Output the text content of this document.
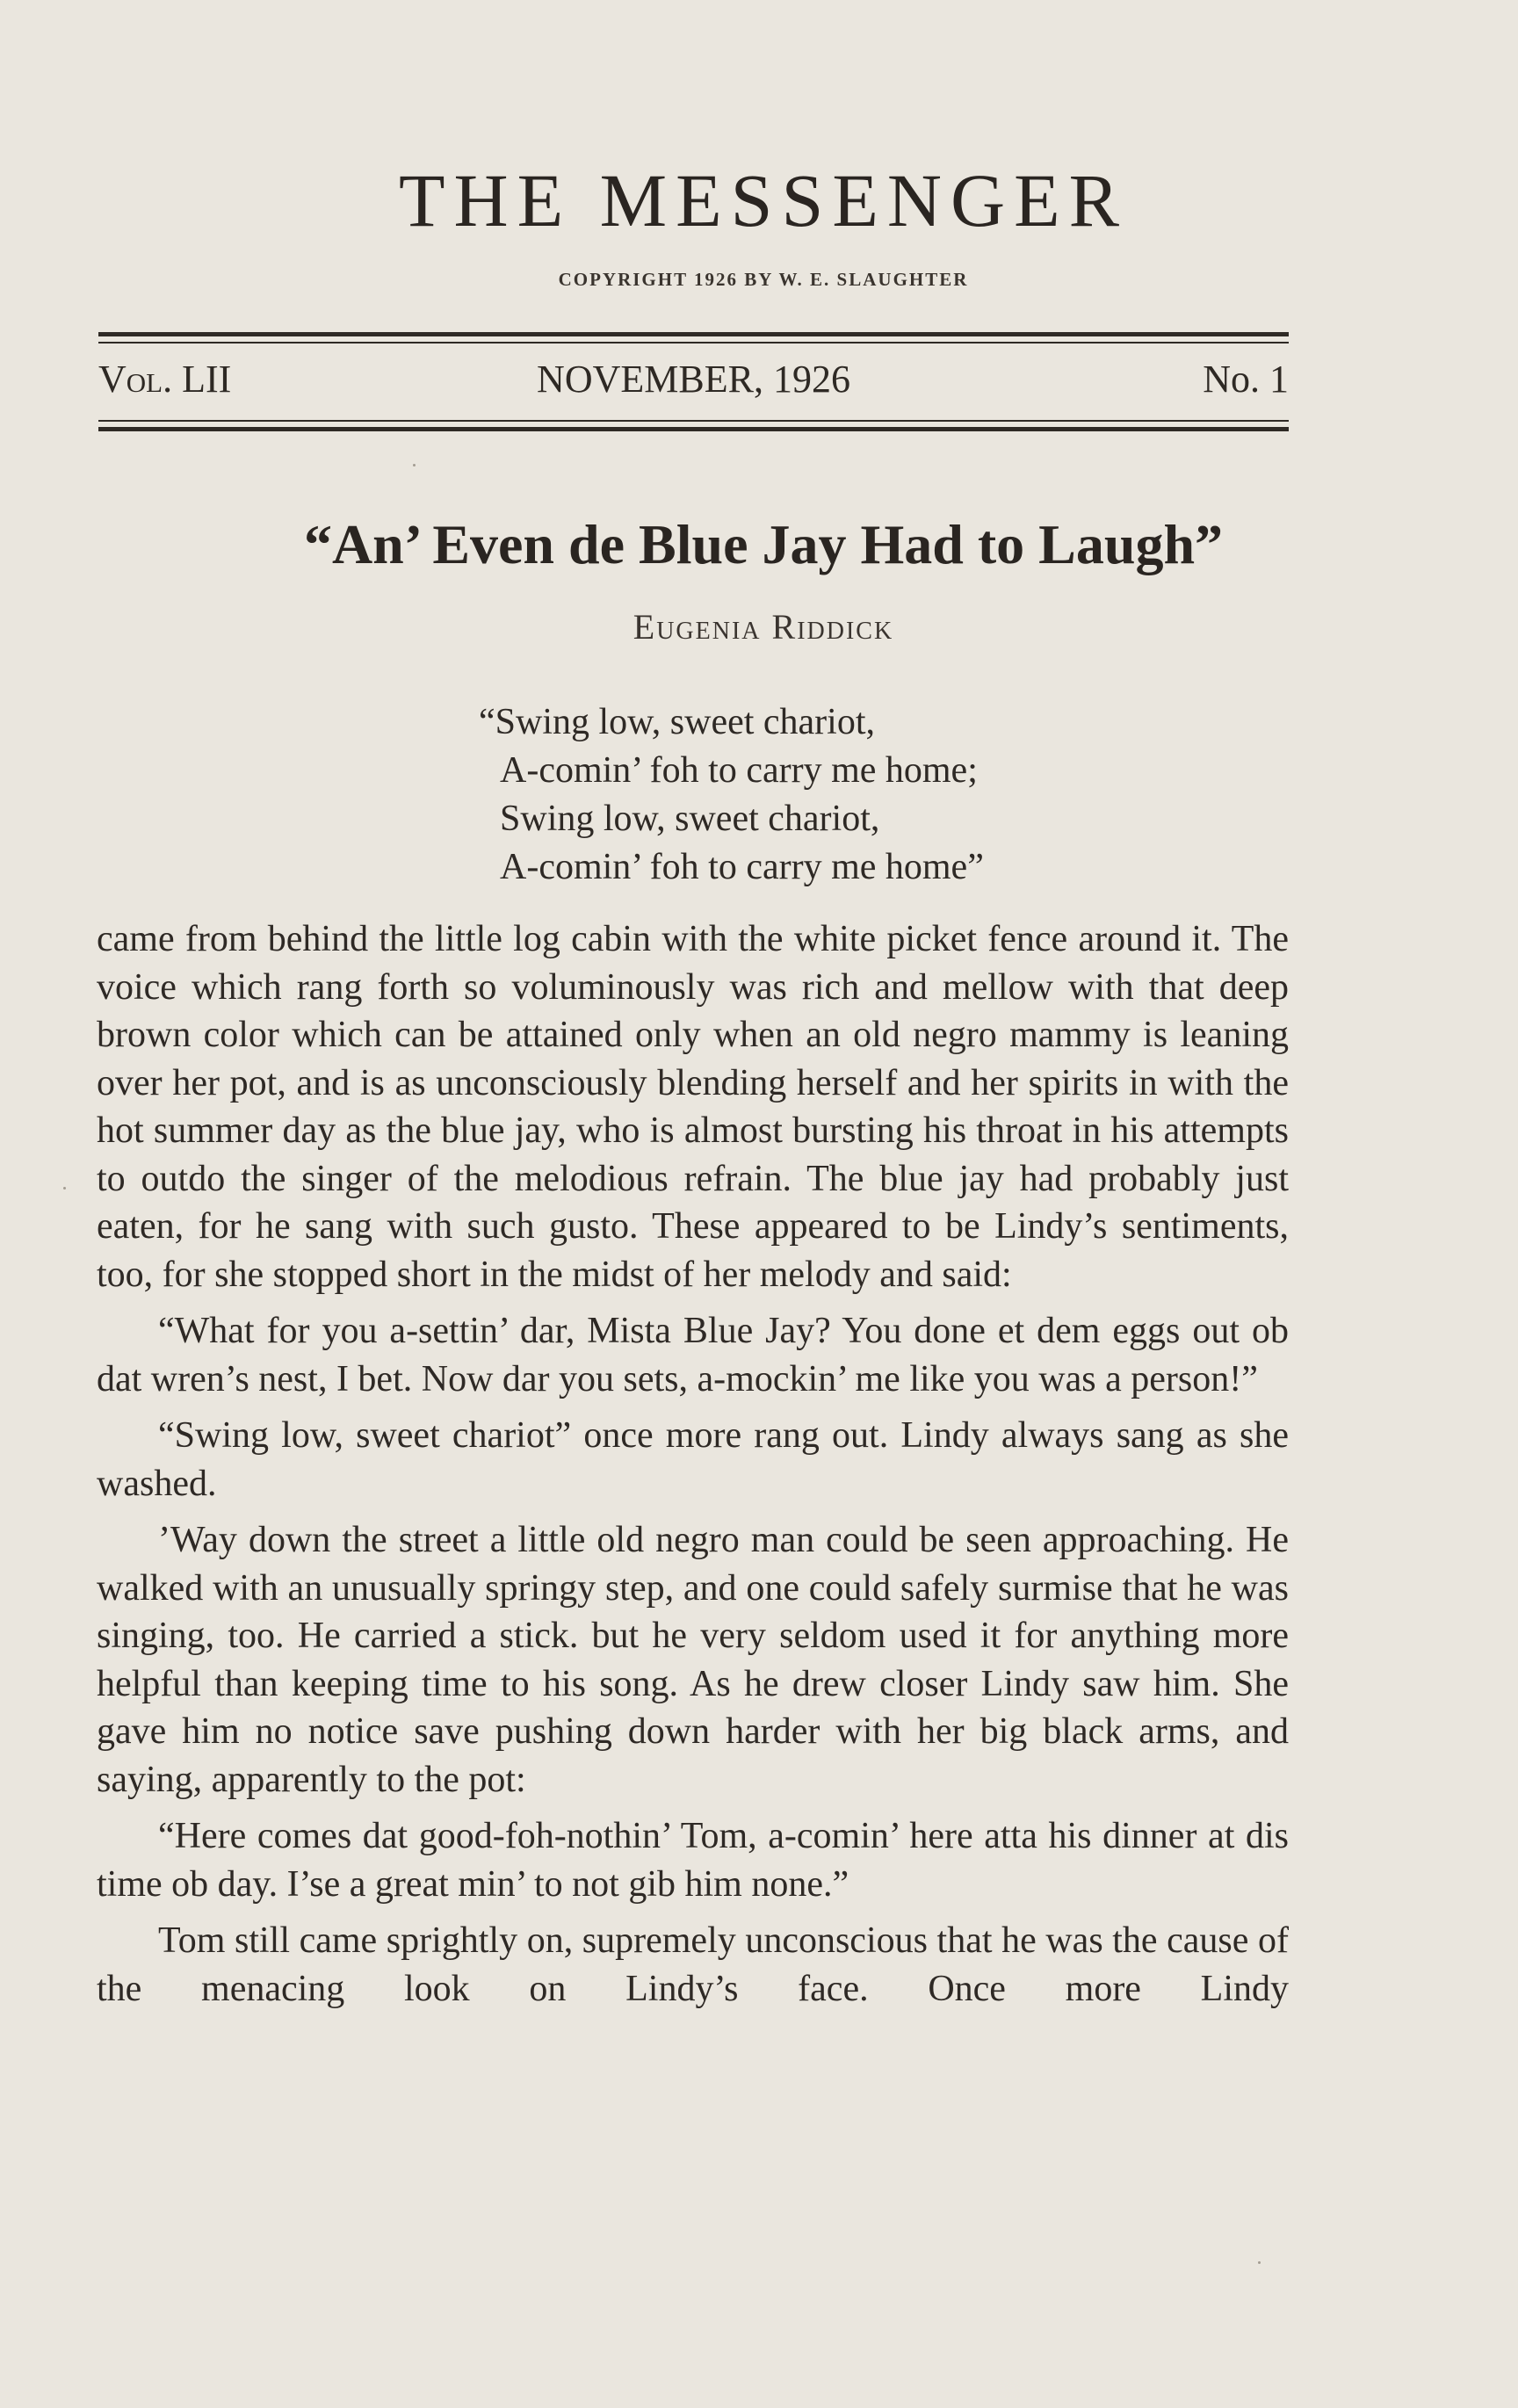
THE MESSENGER
COPYRIGHT 1926 BY W. E. SLAUGHTER
Vol. LII	NOVEMBER, 1926	No. 1
“An’ Even de Blue Jay Had to Laugh”
Eugenia Riddick
“Swing low, sweet chariot,
A-comin’ foh to carry me home;
Swing low, sweet chariot,
A-comin’ foh to carry me home”

came from behind the little log cabin with the white picket fence around it. The voice which rang forth so voluminously was rich and mellow with that deep brown color which can be attained only when an old negro mammy is leaning over her pot, and is as unconsciously blending herself and her spirits in with the hot summer day as the blue jay, who is almost bursting his throat in his attempts to outdo the singer of the melodious refrain. The blue jay had probably just eaten, for he sang with such gusto. These appeared to be Lindy’s sentiments, too, for she stopped short in the midst of her melody and said:

“What for you a-settin’ dar, Mista Blue Jay? You done et dem eggs out ob dat wren’s nest, I bet. Now dar you sets, a-mockin’ me like you was a person!”

“Swing low, sweet chariot” once more rang out. Lindy always sang as she washed.

’Way down the street a little old negro man could be seen approaching. He walked with an unusually springy step, and one could safely surmise that he was singing, too. He carried a stick. but he very seldom used it for anything more helpful than keeping time to his song. As he drew closer Lindy saw him. She gave him no notice save pushing down harder with her big black arms, and saying, apparently to the pot:

“Here comes dat good-foh-nothin’ Tom, a-comin’ here atta his dinner at dis time ob day. I’se a great min’ to not gib him none.”

Tom still came sprightly on, supremely unconscious that he was the cause of the menacing look on Lindy’s face. Once more Lindy
